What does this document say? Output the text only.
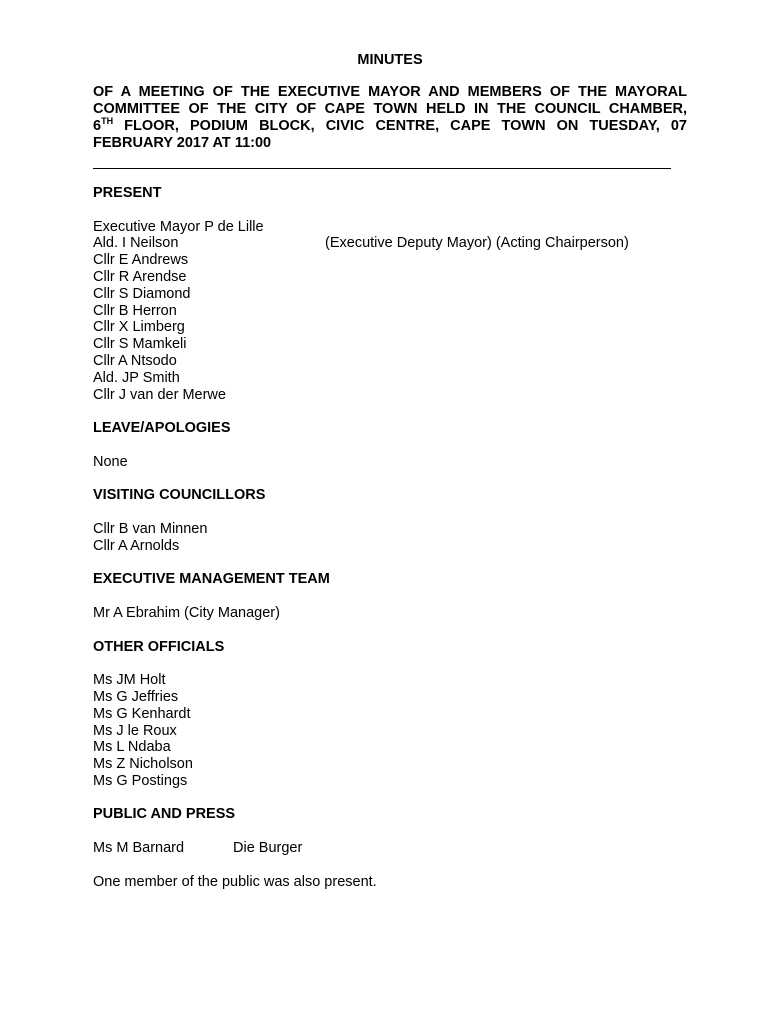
MINUTES
OF A MEETING OF THE EXECUTIVE MAYOR AND MEMBERS OF THE MAYORAL
COMMITTEE OF THE CITY OF CAPE TOWN HELD IN THE COUNCIL CHAMBER,
6TH FLOOR, PODIUM BLOCK, CIVIC CENTRE, CAPE TOWN ON TUESDAY, 07
FEBRUARY 2017 AT 11:00
PRESENT
Executive Mayor P de Lille
Ald. I Neilson	(Executive Deputy Mayor) (Acting Chairperson)
Cllr E Andrews
Cllr R Arendse
Cllr S Diamond
Cllr B Herron
Cllr X Limberg
Cllr S Mamkeli
Cllr A Ntsodo
Ald. JP Smith
Cllr J van der Merwe
LEAVE/APOLOGIES
None
VISITING COUNCILLORS
Cllr B van Minnen
Cllr A Arnolds
EXECUTIVE MANAGEMENT TEAM
Mr A Ebrahim (City Manager)
OTHER OFFICIALS
Ms JM Holt
Ms G Jeffries
Ms G Kenhardt
Ms J le Roux
Ms L Ndaba
Ms Z Nicholson
Ms G Postings
PUBLIC AND PRESS
Ms M Barnard	Die Burger
One member of the public was also present.
